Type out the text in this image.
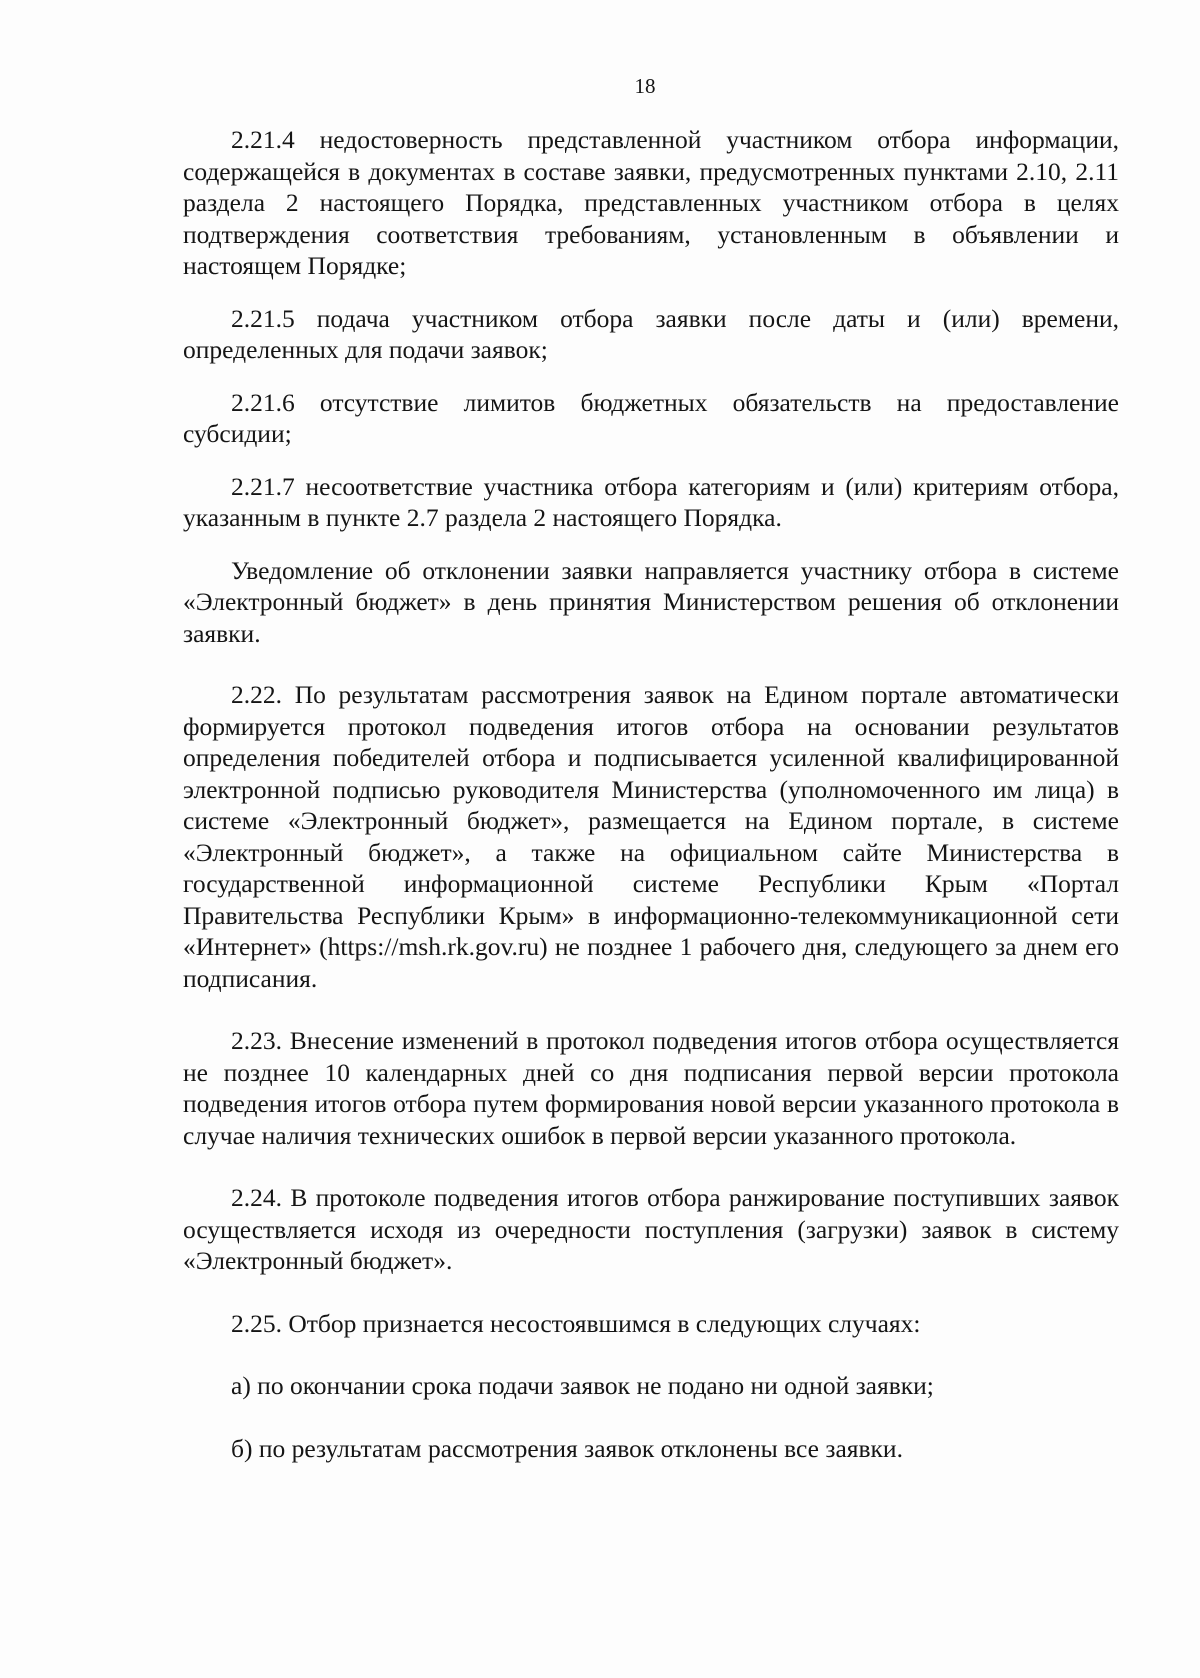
18

2.21.4 недостоверность представленной участником отбора информации, содержащейся в документах в составе заявки, предусмотренных пунктами 2.10, 2.11 раздела 2 настоящего Порядка, представленных участником отбора в целях подтверждения соответствия требованиям, установленным в объявлении и настоящем Порядке;

2.21.5 подача участником отбора заявки после даты и (или) времени, определенных для подачи заявок;

2.21.6 отсутствие лимитов бюджетных обязательств на предоставление субсидии;

2.21.7 несоответствие участника отбора категориям и (или) критериям отбора, указанным в пункте 2.7 раздела 2 настоящего Порядка.

Уведомление об отклонении заявки направляется участнику отбора в системе «Электронный бюджет» в день принятия Министерством решения об отклонении заявки.

2.22. По результатам рассмотрения заявок на Едином портале автоматически формируется протокол подведения итогов отбора на основании результатов определения победителей отбора и подписывается усиленной квалифицированной электронной подписью руководителя Министерства (уполномоченного им лица) в системе «Электронный бюджет», размещается на Едином портале, в системе «Электронный бюджет», а также на официальном сайте Министерства в государственной информационной системе Республики Крым «Портал Правительства Республики Крым» в информационно-телекоммуникационной сети «Интернет» (https://msh.rk.gov.ru) не позднее 1 рабочего дня, следующего за днем его подписания.

2.23. Внесение изменений в протокол подведения итогов отбора осуществляется не позднее 10 календарных дней со дня подписания первой версии протокола подведения итогов отбора путем формирования новой версии указанного протокола в случае наличия технических ошибок в первой версии указанного протокола.

2.24. В протоколе подведения итогов отбора ранжирование поступивших заявок осуществляется исходя из очередности поступления (загрузки) заявок в систему «Электронный бюджет».

2.25. Отбор признается несостоявшимся в следующих случаях:

а) по окончании срока подачи заявок не подано ни одной заявки;

б) по результатам рассмотрения заявок отклонены все заявки.
